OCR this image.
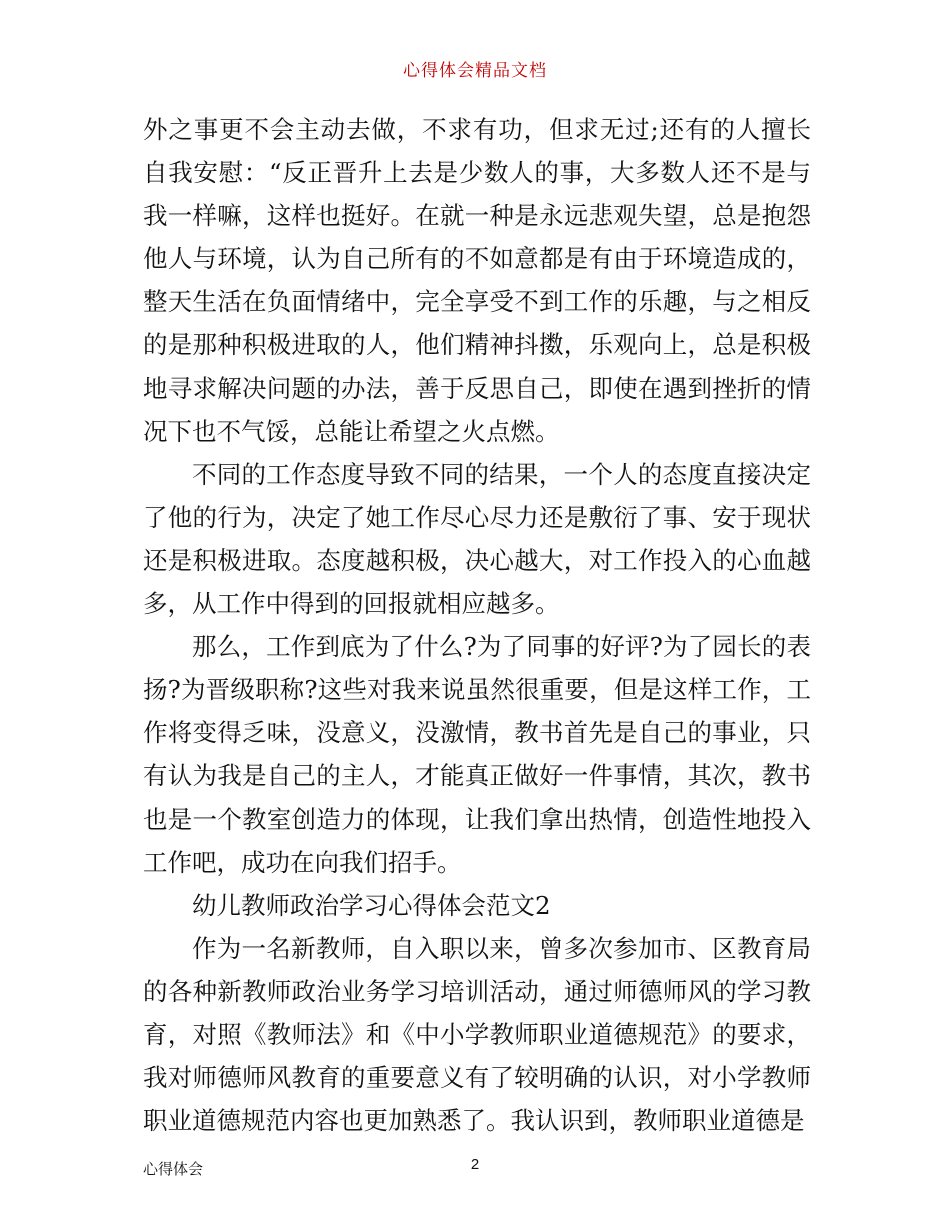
心得体会精品文档

外之事更不会主动去做，不求有功，但求无过;还有的人擅长自我安慰：“反正晋升上去是少数人的事，大多数人还不是与我一样嘛，这样也挺好。在就一种是永远悲观失望，总是抱怨他人与环境，认为自己所有的不如意都是有由于环境造成的，整天生活在负面情绪中，完全享受不到工作的乐趣，与之相反的是那种积极进取的人，他们精神抖擞，乐观向上，总是积极地寻求解决问题的办法，善于反思自己，即使在遇到挫折的情况下也不气馁，总能让希望之火点燃。

不同的工作态度导致不同的结果，一个人的态度直接决定了他的行为，决定了她工作尽心尽力还是敷衍了事、安于现状还是积极进取。态度越积极，决心越大，对工作投入的心血越多，从工作中得到的回报就相应越多。

那么，工作到底为了什么?为了同事的好评?为了园长的表扬?为晋级职称?这些对我来说虽然很重要，但是这样工作，工作将变得乏味，没意义，没激情，教书首先是自己的事业，只有认为我是自己的主人，才能真正做好一件事情，其次，教书也是一个教室创造力的体现，让我们拿出热情，创造性地投入工作吧，成功在向我们招手。

幼儿教师政治学习心得体会范文2

作为一名新教师，自入职以来，曾多次参加市、区教育局的各种新教师政治业务学习培训活动，通过师德师风的学习教育，对照《教师法》和《中小学教师职业道德规范》的要求，我对师德师风教育的重要意义有了较明确的认识，对小学教师职业道德规范内容也更加熟悉了。我认识到，教师职业道德是

心得体会	2
